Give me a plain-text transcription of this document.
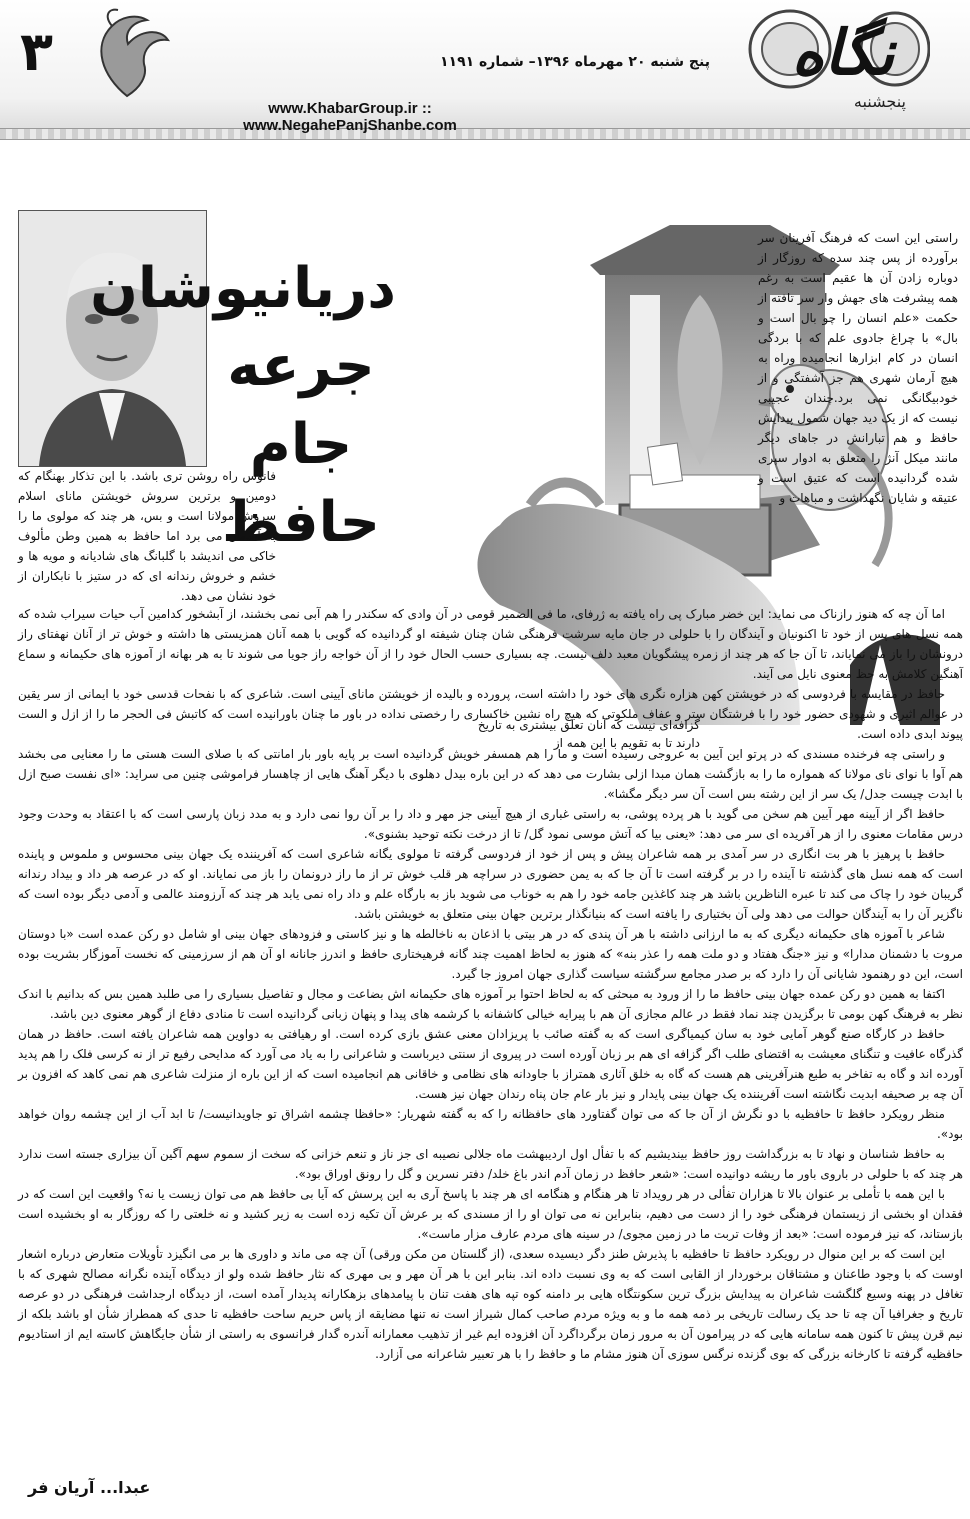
نگاه
پنجشنبه
پنج شنبه ۲۰ مهرماه ۱۳۹۶– شماره ۱۱۹۱
www.KhabarGroup.ir :: www.NegahePanjShanbe.com
۳
دریانیوشان
جرعه جام
حافظ
راستی این است که فرهنگ آفرینان سر برآورده از پس چند سده که روزگار از دوباره زادن آن ها عقیم است به رغم همه پیشرفت های جهش وار سر تافته از حکمت «علم انسان را چو بال است و بال» با چراغ جادوی علم که با بردگی انسان در کام ابزارها انجامیده وراه به هیچ آرمان شهری هم جز آشفتگی و از خودبیگانگی نمی برد.چندان عجیبی نیست که از یک دید جهان شمول پیدایش حافظ و هم تبارانش در جاهای دیگر مانند میکل آنژ را متعلق به ادوار سپری شده گردانیده است که عتیق است و عتیقه و شایان نگهداشت و مباهات و
فانوس راه روشن تری باشد. با این تذکار بهنگام که دومین و برترین سروش خویشتن مانای اسلام سروش مولانا است و بس، هر چند که مولوی ما را به آسمان می برد اما حافظ به همین وطن مألوف خاکی می اندیشد با گلبانگ های شادیانه و مویه ها و خشم و خروش رندانه ای که در ستیز با نابکاران از خود نشان می دهد.
گزافه‌ای نیست که آنان تعلق بیشتری به تاریخ دارند تا به تقویم با این همه از

اما آن چه که هنوز رازناک می نماید: این خضر مبارک پی راه یافته به ژرفای، ما فی الضمیر قومی در آن وادی که سکندر را هم آبی نمی بخشند، از آبشخور کدامین آب حیات سیراب شده که همه نسل های پس از خود تا اکنونیان و آیندگان را با حلولی در جان مایه سرشت فرهنگی شان چنان شیفته او گردانیده که گویی با همه آنان همزیستی ها داشته و خوش تر از آنان نهفتای راز درونشان را باز می نمایاند، تا آن جا که هر چند از زمره پیشگویان معبد دلف نیست. چه بسیاری حسب الحال خود را از آن خواجه راز جویا می شوند تا به هر بهانه از آموزه های حکیمانه و سماع آهنگین کلامش به حظ معنوی نایل می آیند.

حافظ در مقایسه با فردوسی که در خویشتن کهن هزاره نگری های خود را داشته است، پرورده و بالیده از خویشتن مانای آیینی است. شاعری که با نفحات قدسی خود با ایمانی از سر یقین در عوالم اثیری و شهودی حضور خود را با فرشتگان ستر و عفاف ملکوتی که هیچ راه نشین خاکساری را رخصتی نداده در باور ما چنان باورانیده است که کاتبش فی الحجر ما را از ازل و الست پیوند ابدی داده است.

و راستی چه فرخنده مسندی که در پرتو این آیین به عروجی رسیده است و ما را هم همسفر خویش گردانیده است بر پایه باور بار امانتی که با صلای الست هستی ما را معنایی می بخشد هم آوا با نوای نای مولانا که همواره ما را به بازگشت همان مبدا ازلی بشارت می دهد که در این باره بیدل دهلوی با دیگر آهنگ هایی از چاهسار فراموشی چنین می سراید: «ای نفست صبح ازل با ابدت چیست جدل/ یک سر از این رشته بس است آن سر دیگر مگشا».

حافظ اگر از آیینه مهر آیین هم سخن می گوید با هر پرده پوشی، به راستی غباری از هیچ آیینی جز مهر و داد را بر آن روا نمی دارد و به مدد زبان پارسی است که با اعتقاد به وحدت وجود درس مقامات معنوی را از هر آفریده ای سر می دهد: «یعنی بیا که آتش موسی نمود گل/ تا از درخت نکته توحید بشنوی».

حافظ با پرهیز با هر بت انگاری در سر آمدی بر همه شاعران پیش و پس از خود از فردوسی گرفته تا مولوی یگانه شاعری است که آفریننده یک جهان بینی محسوس و ملموس و پاینده است که همه نسل های گذشته تا آینده را در بر گرفته است تا آن جا که به یمن حضوری در سراچه هر قلب خوش تر از ما راز درونمان را باز می نمایاند. او که در عرصه هر داد و بیداد رندانه گریبان خود را چاک می کند تا عبره الناظرین باشد هر چند کاغذین جامه خود را هم به خوناب می شوید باز به بارگاه علم و داد راه نمی یابد هر چند که آرزومند عالمی و آدمی دیگر بوده است که ناگزیر آن را به آیندگان حوالت می دهد ولی آن بختیاری را یافته است که بنیانگذار برترین جهان بینی متعلق به خویشتن باشد.

شاعر با آموزه های حکیمانه دیگری که به ما ارزانی داشته با هر آن پندی که در هر بیتی با اذعان به ناخالطه ها و نیز کاستی و فزودهای جهان بینی او شامل دو رکن عمده است «با دوستان مروت با دشمنان مدارا» و نیز «جنگ هفتاد و دو ملت همه را عذر بنه» که هنوز به لحاظ اهمیت چند گانه فرهیختاری حافظ و اندرز جانانه او آن هم از سرزمینی که نخست آموزگار بشریت بوده است، این دو رهنمود شایانی آن را دارد که بر صدر مجامع سرگشته سیاست گذاری جهان امروز جا گیرد.

اکتفا به همین دو رکن عمده جهان بینی حافظ ما را از ورود به مبحثی که به لحاظ احتوا بر آموزه های حکیمانه اش بضاعت و مجال و تفاصیل بسیاری را می طلبد همین بس که بدانیم با اندک نظر به فرهنگ کهن بومی تا برگزیدن چند نماد فقط در عالم مجازی آن هم با پیرایه خیالی کاشفانه با کرشمه های پیدا و پنهان زبانی گردانیده است تا منادی دفاع از گوهر معنوی دین باشد.

حافظ در کارگاه صنع گوهر آمایی خود به سان کیمیاگری است که به گفته صائب با پریزادان معنی عشق بازی کرده است. او رهیافتی به دواوین همه شاعران یافته است. حافظ در همان گذرگاه عافیت و تنگنای معیشت به اقتضای طلب اگر گزافه ای هم بر زبان آورده است در پیروی از سنتی دیرباست و شاعرانی را به یاد می آورد که مدایحی رفیع تر از نه کرسی فلک را هم پدید آورده اند و گاه به تفاخر به طبع هنرآفرینی هم هست که گاه به خلق آثاری همتراز با جاودانه های نظامی و خاقانی هم انجامیده است که از این باره از منزلت شاعری هم نمی کاهد که افزون بر آن چه بر صحیفه ابدیت نگاشته است آفریننده یک جهان بینی پایدار و نیز بار عام جان پناه رندان جهان نیز هست.

منظر رویکرد حافظ تا حافظیه با دو نگرش از آن جا که می توان گفتاورد های حافظانه را که به گفته شهریار: «حافظا چشمه اشراق تو جاویدانیست/ تا ابد آب از این چشمه روان خواهد بود».

به حافظ شناسان و نهاد تا به بزرگداشت روز حافظ بیندیشیم که با تفأل اول اردیبهشت ماه جلالی نصیبه ای جز ناز و تنعم خزانی که سخت از سموم سهم آگین آن بیزاری جسته است ندارد هر چند که با حلولی در باروی باور ما ریشه دوانیده است: «شعر حافظ در زمان آدم اندر باغ خلد/ دفتر نسرین و گل را رونق اوراق بود».

با این همه با تأملی بر عنوان بالا تا هزاران تفألی در هر رویداد تا هر هنگام و هنگامه ای هر چند با پاسخ آری به این پرسش که آیا بی حافظ هم می توان زیست یا نه؟ واقعیت این است که در فقدان او بخشی از زیستمان فرهنگی خود را از دست می دهیم، بنابراین نه می توان او را از مسندی که بر عرش آن تکیه زده است به زیر کشید و نه خلعتی را که روزگار به او بخشیده است بازستاند، که نیز فرموده است: «بعد از وفات تربت ما در زمین مجوی/ در سینه های مردم عارف مزار ماست».

این است که بر این منوال در رویکرد حافظ تا حافظیه با پذیرش طنز دگر دیسیده سعدی، (از گلستان من مکن ورقی) آن چه می ماند و داوری ها بر می انگیزد تأویلات متعارض درباره اشعار اوست که با وجود طاعنان و مشتاقان برخوردار از القابی است که به وی نسبت داده اند. بنابر این با هر آن مهر و بی مهری که نثار حافظ شده ولو از دیدگاه آینده نگرانه مصالح شهری که با تغافل در پهنه وسیع گلگشت شاعران به پیدایش بزرگ ترین سکونتگاه هایی بر دامنه کوه تپه های هفت تنان با پیامدهای بزهکارانه پدیدار آمده است، از دیدگاه ارجداشت فرهنگی در دو عرصه تاریخ و جغرافیا آن چه تا حد یک رسالت تاریخی بر ذمه همه ما و به ویژه مردم صاحب کمال شیراز است نه تنها مضایقه از پاس حریم ساحت حافظیه تا حدی که همطراز شأن او باشد بلکه از نیم قرن پیش تا کنون همه سامانه هایی که در پیرامون آن به مرور زمان برگرداگرد آن افزوده ایم غیر از تذهیب معمارانه آندره گدار فرانسوی به راستی از شأن جایگاهش کاسته ایم از استادیوم حافظیه گرفته تا کارخانه بزرگی که بوی گزنده نرگس سوزی آن هنوز مشام ما و حافظ را با هر تعبیر شاعرانه می آزارد.

عبدا... آریان فر
